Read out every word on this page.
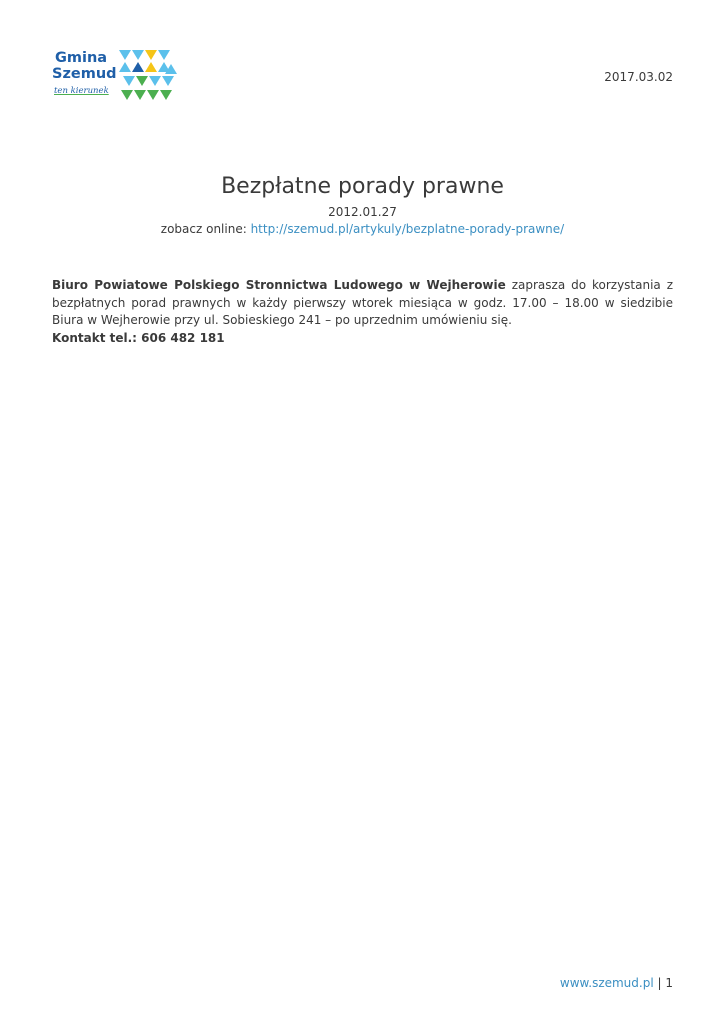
Gmina
Szemud
ten kierunek
2017.03.02
Bezpłatne porady prawne
2012.01.27
zobacz online: http://szemud.pl/artykuly/bezplatne-porady-prawne/

Biuro Powiatowe Polskiego Stronnictwa Ludowego w Wejherowie zaprasza do korzystania z bezpłatnych porad prawnych w każdy pierwszy wtorek miesiąca w godz. 17.00 – 18.00 w siedzibie Biura w Wejherowie przy ul. Sobieskiego 241 – po uprzednim umówieniu się.

Kontakt tel.: 606 482 181

www.szemud.pl | 1
